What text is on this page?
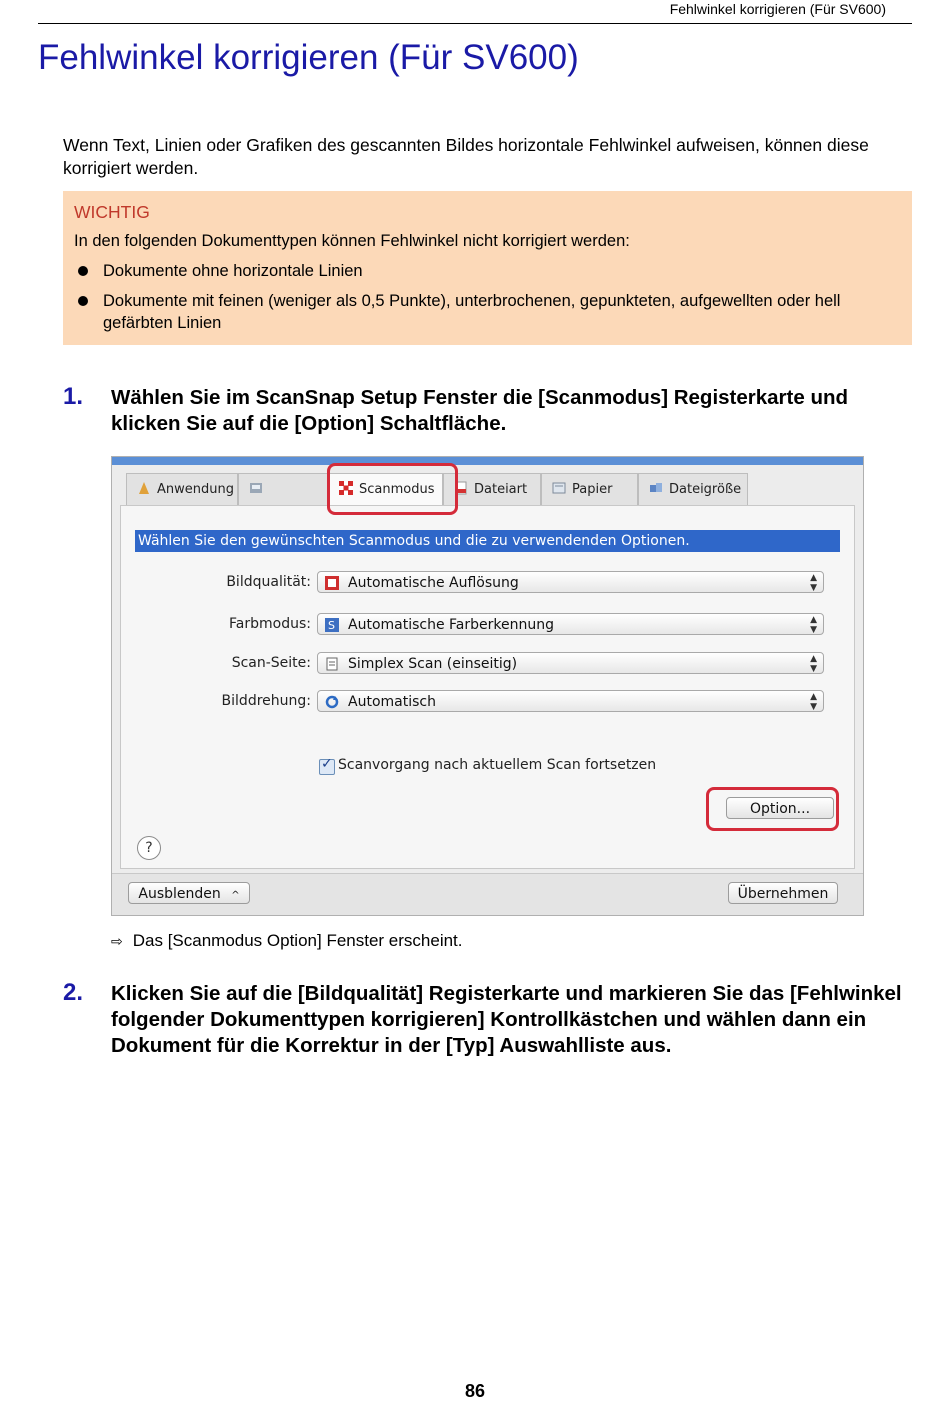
Fehlwinkel korrigieren (Für SV600)
Fehlwinkel korrigieren (Für SV600)
Wenn Text, Linien oder Grafiken des gescannten Bildes horizontale Fehlwinkel aufweisen, können diese korrigiert werden.
WICHTIG
In den folgenden Dokumenttypen können Fehlwinkel nicht korrigiert werden:
Dokumente ohne horizontale Linien
Dokumente mit feinen (weniger als 0,5 Punkte), unterbrochenen, gepunkteten, aufgewellten oder hell gefärbten Linien
1. Wählen Sie im ScanSnap Setup Fenster die [Scanmodus] Registerkarte und klicken Sie auf die [Option] Schaltfläche.
Anwendung	Scanmodus	Dateiart	Papier	Dateigröße
Wählen Sie den gewünschten Scanmodus und die zu verwendenden Optionen.
Bildqualität:	Automatische Auflösung	▲
▼
Farbmodus: S Automatische Farberkennung	▲
▼
Scan-Seite:	Simplex Scan (einseitig)	▲
▼
Bilddrehung:	Automatisch	▲
▼
✓
Scanvorgang nach aktuellem Scan fortsetzen
Option...
?
Ausblenden ^	Übernehmen
⇨ Das [Scanmodus Option] Fenster erscheint.
2. Klicken Sie auf die [Bildqualität] Registerkarte und markieren Sie das [Fehlwinkel folgender Dokumenttypen korrigieren] Kontrollkästchen und wählen dann ein Dokument für die Korrektur in der [Typ] Auswahlliste aus.
86
